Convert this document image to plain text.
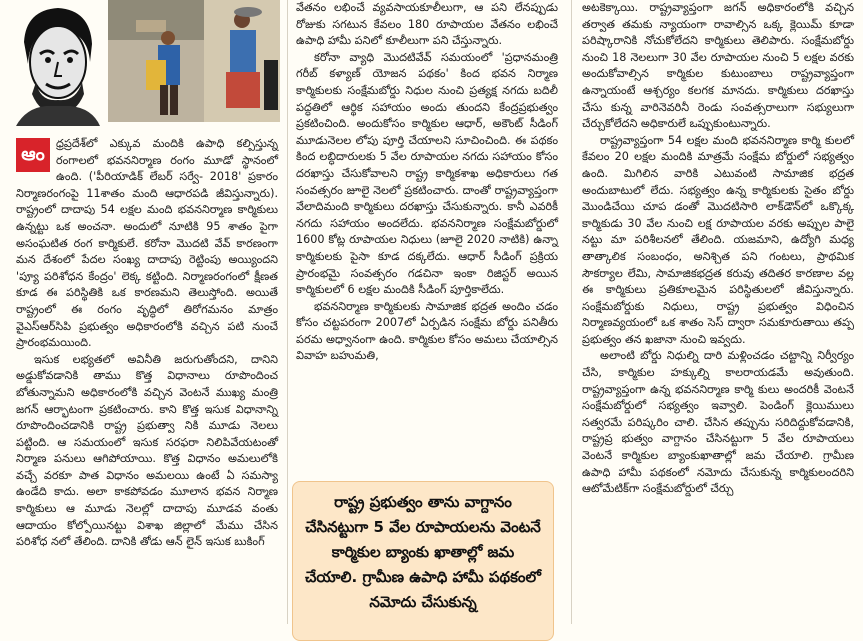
ఆం
ధ్రప్రదేశ్‌లో ఎక్కువ మందికి ఉపాధి కల్పిస్తున్న రంగాలలో భవననిర్మాణ రంగం మూడో స్థానంలో ఉంది. ('పీరియాడిక్ లేబర్ సర్వే- 2018' ప్రకారం నిర్మాణరంగంపై 11శాతం మంది ఆధారపడి జీవిస్తున్నారు). రాష్ట్రంలో దాదాపు 54 లక్షల మంది భవననిర్మాణ కార్మికులు ఉన్నట్టు ఒక అంచనా. అందులో నూటికి 95 శాతం పైగా అసంఘటిత రంగ కార్మికులే. కరోనా మొదటి వేవ్ కారణంగా మన దేశంలో పేదల సంఖ్య దాదాపు రెట్టింపు అయ్యిందని 'ప్యూ పరిశోధన కేంద్రం' లెక్క కట్టింది. నిర్మాణరంగంలో క్షీణత కూడ ఈ పరిస్థితికి ఒక కారణమని తెలుస్తోంది. అయితే రాష్ట్రంలో ఈ రంగం వృద్ధిలో తిరోగమనం మాత్రం వైఎస్‌ఆర్‌సిపి ప్రభుత్వం అధికారంలోకి వచ్చిన పటి నుంచే ప్రారంభమయింది.

ఇసుక లభ్యతలో అవినీతి జరుగుతోందని, దానిని అడ్డుకోవడానికి తాము కొత్త విధానాలు రూపొందించ బోతున్నామని అధికారంలోకి వచ్చిన వెంటనే ముఖ్య మంత్రి జగన్ ఆర్భాటంగా ప్రకటించారు. కాని కొత్త ఇసుక విధానాన్ని రూపొందించడానికి రాష్ట్ర ప్రభుత్వా నికి మూడు నెలలు పట్టింది. ఆ సమయంలో ఇసుక సరఫరా నిలిపివేయటంతో నిర్మాణ పనులు ఆగిపోయాయి. కొత్త విధానం అమలులోకి వచ్చే వరకూ పాత విధానం అమలయి ఉంటే ఏ సమస్యా ఉండేది కాదు. అలా కాకపోవడం మూలాన భవన నిర్మాణ కార్మికులు ఆ మూడు నెలల్లో దాదాపు మూడవ వంతు ఆదాయం కోల్పోయినట్టు విశాఖ జిల్లాలో మేము చేసిన పరిశోధ నలో తేలింది. దానికి తోడు ఆన్ లైన్ ఇసుక బుకింగ్

వేతనం లభించే వ్యవసాయకూలీలుగా, ఆ పని లేనప్పుడు రోజుకు సగటున కేవలం 180 రూపాయల వేతనం లభించే ఉపాధి హామీ పనిలో కూలీలుగా పని చేస్తున్నారు.

కరోనా వ్యాధి మొదటివేవ్ సమయంలో 'ప్రధానమంత్రి గరీబ్ కళ్యాణ్ యోజన పథకం' కింద భవన నిర్మాణ కార్మికులకు సంక్షేమబోర్డు నిధుల నుంచి ప్రత్యక్ష నగదు బదిలీ పద్ధతిలో ఆర్థిక సహాయం అందు తుందని కేంద్రప్రభుత్వం ప్రకటించింది. అందుకోసం కార్మికుల ఆధార్, అకౌంట్ సీడింగ్ మూడునెలల లోపు పూర్తి చేయాలని సూచించింది. ఈ పథకం కింద లబ్ధిదారులకు 5 వేల రూపాయల నగదు సహాయం కోసం దరఖాస్తు చేసుకోవాలని రాష్ట్ర కార్మికశాఖ అధికారులు గత సంవత్సరం జూలై నెలలో ప్రకటించారు. దాంతో రాష్ట్రవ్యాప్తంగా వేలాదిమంది కార్మికులు దరఖాస్తు చేసుకున్నారు. కానీ ఎవరికీ నగదు సహాయం అందలేదు. భవననిర్మాణ సంక్షేమబోర్డులో 1600 కోట్ల రూపాయల నిధులు (జూలై 2020 నాటికి) ఉన్నా కార్మికులకు పైసా కూడ దక్కలేదు. ఆధార్ సీడింగ్ ప్రక్రియ ప్రారంభమై సంవత్సరం గడచినా ఇంకా రిజిస్టర్ అయిన కార్మికులలో 6 లక్షల మందికి సీడింగ్ పూర్తికాలేదు.

భవననిర్మాణ కార్మికులకు సామాజిక భద్రత అందిం చడం కోసం చట్టపరంగా 2007లో ఏర్పడిన సంక్షేమ బోర్డు పనితీరు పరమ అధ్వానంగా ఉంది. కార్మికుల కోసం అమలు చేయాల్సిన వివాహ బహుమతి,

రాష్ట్ర ప్రభుత్వం తాను వాగ్దానం చేసినట్టుగా 5 వేల రూపాయలను వెంటనే కార్మికుల బ్యాంకు ఖాతాల్లో జమ చేయాలి. గ్రామీణ ఉపాధి హామీ పథకంలో నమోదు చేసుకున్న

అటకెక్కాయి. రాష్ట్రవ్యాప్తంగా జగన్ అధికారంలోకి వచ్చిన తర్వాత తమకు న్యాయంగా రావాల్సిన ఒక్క క్లెయిమ్ కూడా పరిష్కారానికి నోచుకోలేదని కార్మికులు తెలిపారు. సంక్షేమబోర్డు నుంచి 18 నెలలుగా 30 వేల రూపాయల నుంచి 5 లక్షల వరకు అందుకోవాల్సిన కార్మికుల కుటుంబాలు రాష్ట్రవ్యాప్తంగా ఉన్నాయంటే ఆశ్చర్యం కలగక మానదు. కార్మికులు దరఖాస్తు చేసు కున్న వారినెవరినీ రెండు సంవత్సరాలుగా సభ్యులుగా చేర్చుకోలేదని అధికారులే ఒప్పుకుంటున్నారు.

రాష్ట్రవ్యాప్తంగా 54 లక్షల మంది భవననిర్మాణ కార్మి కులలో కేవలం 20 లక్షల మందికి మాత్రమే సంక్షేమ బోర్డులో సభ్యత్వం ఉంది. మిగిలిన వారికి ఎటువంటి సామాజిక భద్రత అందుబాటులో లేదు. సభ్యత్వం ఉన్న కార్మికులకు సైతం బోర్డు మొండిచేయి చూప డంతో మొదటిసారి లాక్‌డౌన్‌లో ఒక్కొక్క కార్మికుడు 30 వేల నుంచి లక్ష రూపాయల వరకు అప్పుల పాలై నట్టు మా పరిశీలనలో తేలింది. యజమాని, ఉద్యోగి మధ్య తాత్కాలిక సంబంధం, అనిశ్చిత పని గంటలు, ప్రాథమిక సౌకర్యాల లేమి, సామాజికభద్రత కరువు తదితర కారణాల వల్ల ఈ కార్మికులు ప్రతికూలమైన పరిస్థితులలో జీవిస్తున్నారు. సంక్షేమబోర్డుకు నిధులు, రాష్ట్ర ప్రభుత్వం విధించిన నిర్మాణవ్యయంలో ఒక శాతం సెస్ ద్వారా సమకూరుతాయి తప్ప ప్రభుత్వం తన ఖజానా నుంచి ఇవ్వదు.

అలాంటి బోర్డు నిధుల్ని దారి మళ్లించడం చట్టాన్ని నిర్వీర్యం చేసి, కార్మికుల హక్కుల్ని కాలరాయడమే అవుతుంది. రాష్ట్రవ్యాప్తంగా ఉన్న భవననిర్మాణ కార్మి కులు అందరికీ వెంటనే సంక్షేమబోర్డులో సభ్యత్వం ఇవ్వాలి. పెండింగ్ క్లెయిములు సత్వరమే పరిష్కరిం చాలి. చేసిన తప్పును సరిదిద్దుకోవడానికి, రాష్ట్రప్ర భుత్వం వాగ్దానం చేసినట్టుగా 5 వేల రూపాయలు వెంటనే కార్మికుల బ్యాంకుఖాతాల్లో జమ చేయాలి. గ్రామీణ ఉపాధి హామీ పథకంలో నమోదు చేసుకున్న కార్మికులందరిని ఆటోమేటిక్‌గా సంక్షేమబోర్డులో చేర్చు
